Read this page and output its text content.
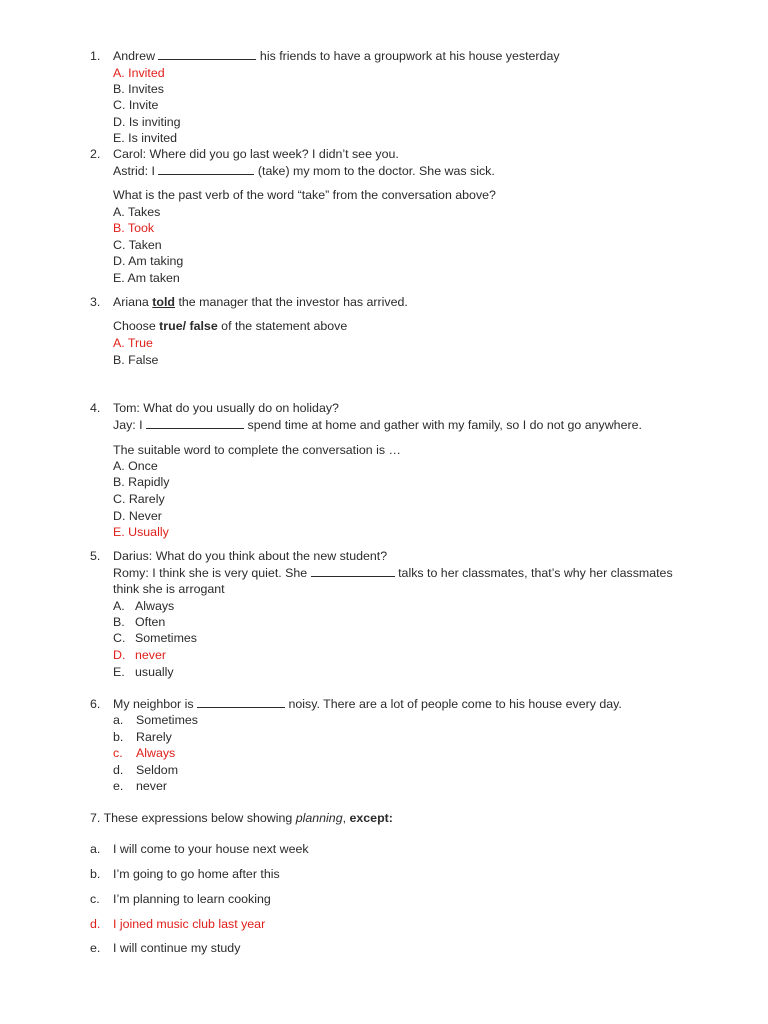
1. Andrew	his friends to have a groupwork at his house yesterday
A. Invited
B. Invites
C. Invite
D. Is inviting
E. Is invited
2. Carol: Where did you go last week? I didn’t see you.
Astrid: I	(take) my mom to the doctor. She was sick.
What is the past verb of the word “take” from the conversation above?
A. Takes
B. Took
C. Taken
D. Am taking
E. Am taken
3. Ariana told the manager that the investor has arrived.
Choose true/ false of the statement above
A. True
B. False
4. Tom: What do you usually do on holiday?
Jay: I	spend time at home and gather with my family, so I do not go anywhere.
The suitable word to complete the conversation is …
A. Once
B. Rapidly
C. Rarely
D. Never
E. Usually
5. Darius: What do you think about the new student?
Romy: I think she is very quiet. She	talks to her classmates, that’s why her classmates
think she is arrogant
A. Always
B. Often
C. Sometimes
D. never
E. usually
6. My neighbor is	noisy. There are a lot of people come to his house every day.
a. Sometimes
b. Rarely
c. Always
d. Seldom
e. never
7. These expressions below showing planning, except:
a. I will come to your house next week
b. I’m going to go home after this
c. I’m planning to learn cooking
d. I joined music club last year
e. I will continue my study
